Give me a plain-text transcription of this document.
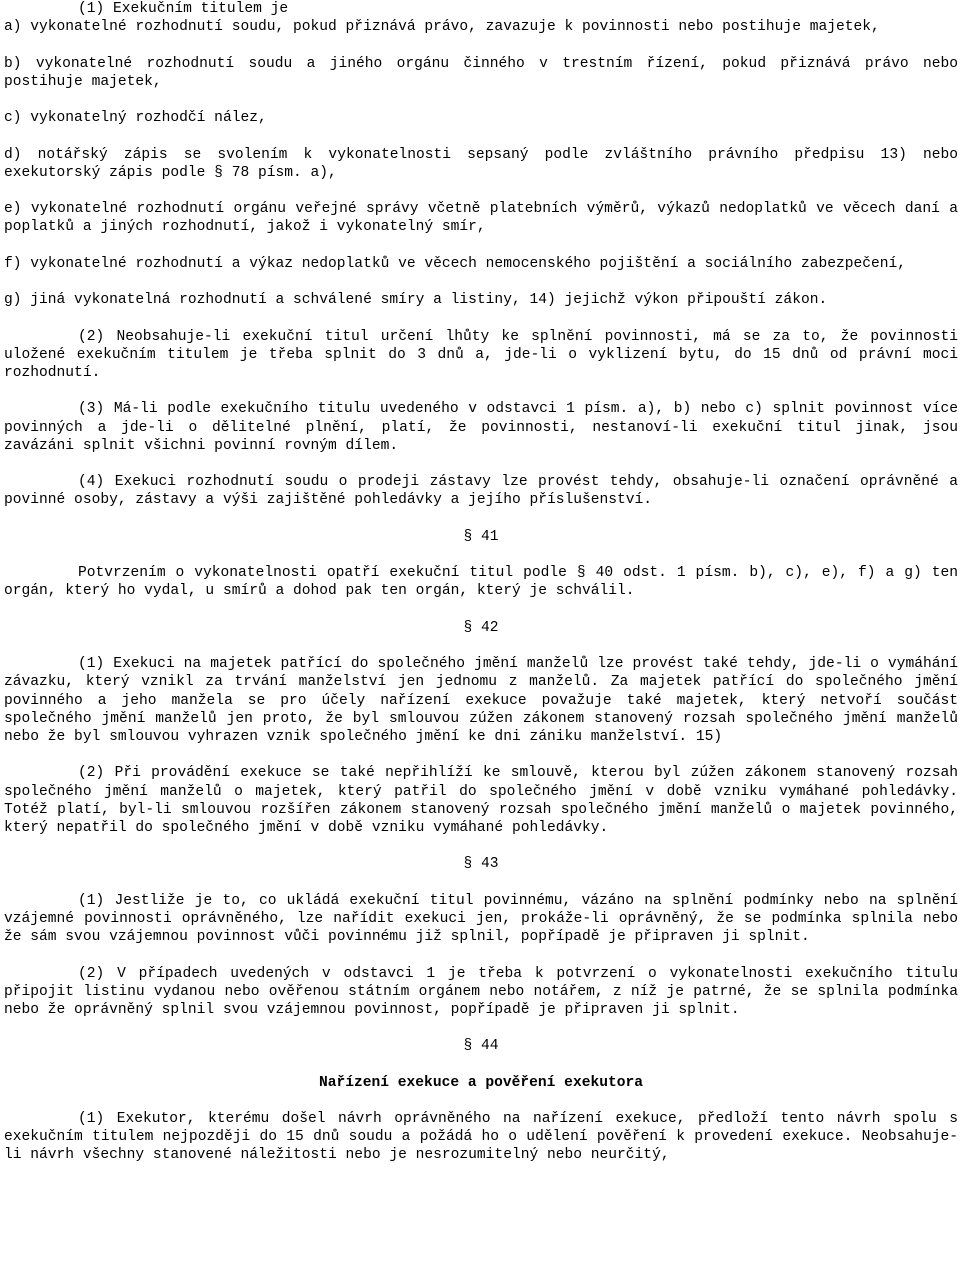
(1) Exekučním titulem je

a) vykonatelné rozhodnutí soudu, pokud přiznává právo, zavazuje k povinnosti nebo postihuje majetek,

b) vykonatelné rozhodnutí soudu a jiného orgánu činného v trestním řízení, pokud přiznává právo nebo postihuje majetek,

c) vykonatelný rozhodčí nález,

d) notářský zápis se svolením k vykonatelnosti sepsaný podle zvláštního právního předpisu 13) nebo exekutorský zápis podle § 78 písm. a),

e) vykonatelné rozhodnutí orgánu veřejné správy včetně platebních výměrů, výkazů nedoplatků ve věcech daní a poplatků a jiných rozhodnutí, jakož i vykonatelný smír,

f) vykonatelné rozhodnutí a výkaz nedoplatků ve věcech nemocenského pojištění a sociálního zabezpečení,

g) jiná vykonatelná rozhodnutí a schválené smíry a listiny, 14) jejichž výkon připouští zákon.

(2) Neobsahuje-li exekuční titul určení lhůty ke splnění povinnosti, má se za to, že povinnosti uložené exekučním titulem je třeba splnit do 3 dnů a, jde-li o vyklizení bytu, do 15 dnů od právní moci rozhodnutí.

(3) Má-li podle exekučního titulu uvedeného v odstavci 1 písm. a), b) nebo c) splnit povinnost více povinných a jde-li o dělitelné plnění, platí, že povinnosti, nestanoví-li exekuční titul jinak, jsou zavázáni splnit všichni povinní rovným dílem.

(4) Exekuci rozhodnutí soudu o prodeji zástavy lze provést tehdy, obsahuje-li označení oprávněné a povinné osoby, zástavy a výši zajištěné pohledávky a jejího příslušenství.

§ 41

Potvrzením o vykonatelnosti opatří exekuční titul podle § 40 odst. 1 písm. b), c), e), f) a g) ten orgán, který ho vydal, u smírů a dohod pak ten orgán, který je schválil.

§ 42

(1) Exekuci na majetek patřící do společného jmění manželů lze provést také tehdy, jde-li o vymáhání závazku, který vznikl za trvání manželství jen jednomu z manželů. Za majetek patřící do společného jmění povinného a jeho manžela se pro účely nařízení exekuce považuje také majetek, který netvoří součást společného jmění manželů jen proto, že byl smlouvou zúžen zákonem stanovený rozsah společného jmění manželů nebo že byl smlouvou vyhrazen vznik společného jmění ke dni zániku manželství. 15)

(2) Při provádění exekuce se také nepřihlíží ke smlouvě, kterou byl zúžen zákonem stanovený rozsah společného jmění manželů o majetek, který patřil do společného jmění v době vzniku vymáhané pohledávky. Totéž platí, byl-li smlouvou rozšířen zákonem stanovený rozsah společného jmění manželů o majetek povinného, který nepatřil do společného jmění v době vzniku vymáhané pohledávky.

§ 43

(1) Jestliže je to, co ukládá exekuční titul povinnému, vázáno na splnění podmínky nebo na splnění vzájemné povinnosti oprávněného, lze nařídit exekuci jen, prokáže-li oprávněný, že se podmínka splnila nebo že sám svou vzájemnou povinnost vůči povinnému již splnil, popřípadě je připraven ji splnit.

(2) V případech uvedených v odstavci 1 je třeba k potvrzení o vykonatelnosti exekučního titulu připojit listinu vydanou nebo ověřenou státním orgánem nebo notářem, z níž je patrné, že se splnila podmínka nebo že oprávněný splnil svou vzájemnou povinnost, popřípadě je připraven ji splnit.

§ 44

Nařízení exekuce a pověření exekutora

(1) Exekutor, kterému došel návrh oprávněného na nařízení exekuce, předloží tento návrh spolu s exekučním titulem nejpozději do 15 dnů soudu a požádá ho o udělení pověření k provedení exekuce. Neobsahuje-li návrh všechny stanovené náležitosti nebo je nesrozumitelný nebo neurčitý,
